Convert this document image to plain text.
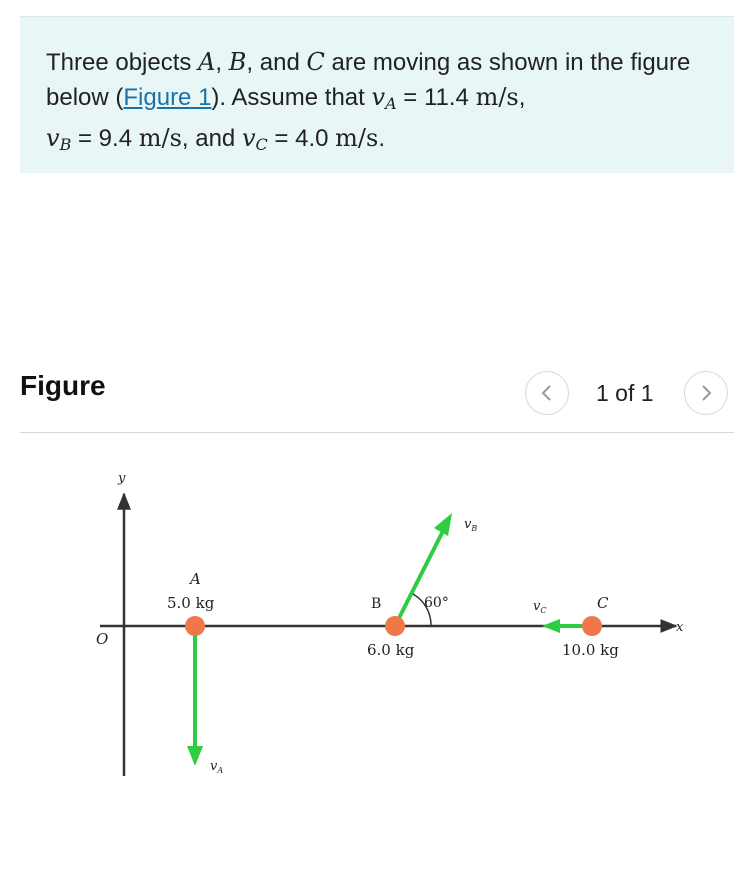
Three objects A, B, and C are moving as shown in the figure below (Figure 1). Assume that $v_A = 11.4$ m/s,
$v_B = 9.4$ m/s, and $v_C = 4.0$ m/s.
Figure	1 of 1
y
x
O
A
5.0 kg
$v_A$
60°
B
6.0 kg
$v_B$
C
10.0 kg
$v_C$
